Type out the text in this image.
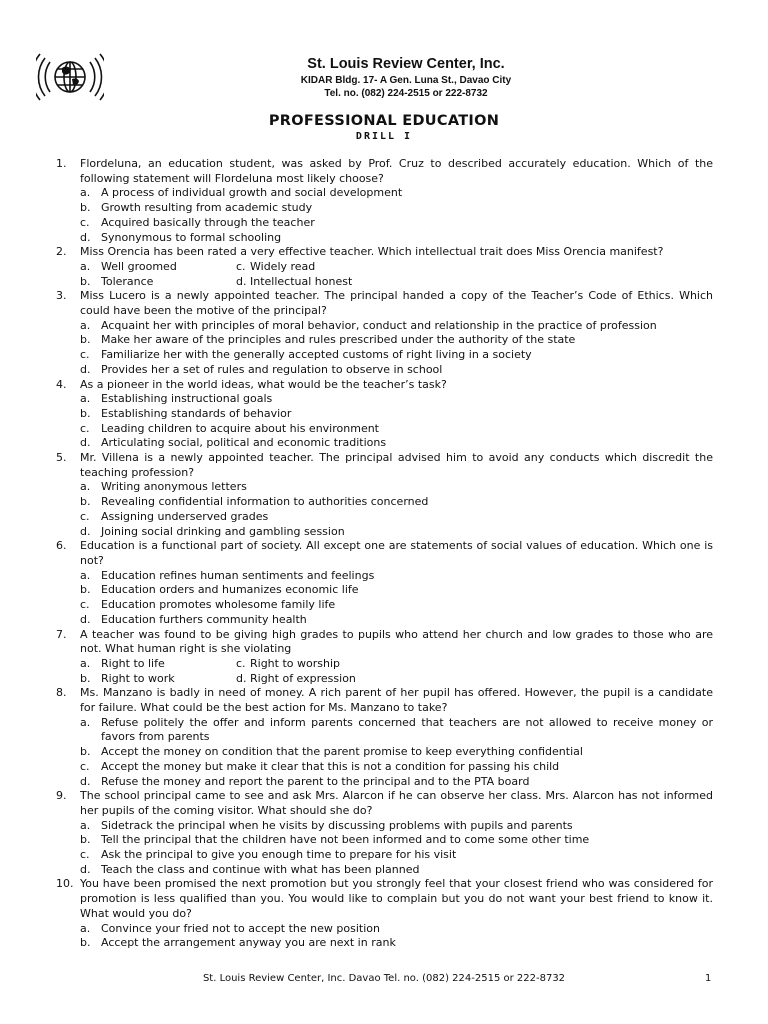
St. Louis Review Center, Inc.
KIDAR Bldg. 17- A Gen. Luna St., Davao City
Tel. no. (082) 224-2515 or 222-8732
PROFESSIONAL EDUCATION
DRILL I
1.	Flordeluna, an education student, was asked by Prof. Cruz to described accurately education. Which of the following statement will Flordeluna most likely choose?
a. A process of individual growth and social development
b. Growth resulting from academic study
c.	Acquired basically through the teacher
d. Synonymous to formal schooling
2.	Miss Orencia has been rated a very effective teacher. Which intellectual trait does Miss Orencia manifest?
a. Well groomed	c. Widely read
b. Tolerance	d. Intellectual honest
3.	Miss Lucero is a newly appointed teacher. The principal handed a copy of the Teacher’s Code of Ethics. Which could have been the motive of the principal?
a. Acquaint her with principles of moral behavior, conduct and relationship in the practice of profession
b. Make her aware of the principles and rules prescribed under the authority of the state
c.	Familiarize her with the generally accepted customs of right living in a society
d. Provides her a set of rules and regulation to observe in school
4.	As a pioneer in the world ideas, what would be the teacher’s task?
a. Establishing instructional goals
b. Establishing standards of behavior
c.	Leading children to acquire about his environment
d. Articulating social, political and economic traditions
5.	Mr. Villena is a newly appointed teacher. The principal advised him to avoid any conducts which discredit the teaching profession?
a. Writing anonymous letters
b. Revealing confidential information to authorities concerned
c.	Assigning underserved grades
d. Joining social drinking and gambling session
6.	Education is a functional part of society. All except one are statements of social values of education. Which one is not?
a. Education refines human sentiments and feelings
b. Education orders and humanizes economic life
c.	Education promotes wholesome family life
d. Education furthers community health
7.	A teacher was found to be giving high grades to pupils who attend her church and low grades to those who are not. What human right is she violating
a. Right to life	c. Right to worship
b. Right to work	d. Right of expression
8.	Ms. Manzano is badly in need of money. A rich parent of her pupil has offered. However, the pupil is a candidate for failure. What could be the best action for Ms. Manzano to take?
a. Refuse politely the offer and inform parents concerned that teachers are not allowed to receive money or favors from parents
b. Accept the money on condition that the parent promise to keep everything confidential
c.	Accept the money but make it clear that this is not a condition for passing his child
d. Refuse the money and report the parent to the principal and to the PTA board
9.	The school principal came to see and ask Mrs. Alarcon if he can observe her class. Mrs. Alarcon has not informed her pupils of the coming visitor. What should she do?
a. Sidetrack the principal when he visits by discussing problems with pupils and parents
b. Tell the principal that the children have not been informed and to come some other time
c.	Ask the principal to give you enough time to prepare for his visit
d. Teach the class and continue with what has been planned
10. You have been promised the next promotion but you strongly feel that your closest friend who was considered for promotion is less qualified than you. You would like to complain but you do not want your best friend to know it. What would you do?
a. Convince your fried not to accept the new position
b. Accept the arrangement anyway you are next in rank
St. Louis Review Center, Inc. Davao Tel. no. (082) 224-2515 or 222-8732	1
